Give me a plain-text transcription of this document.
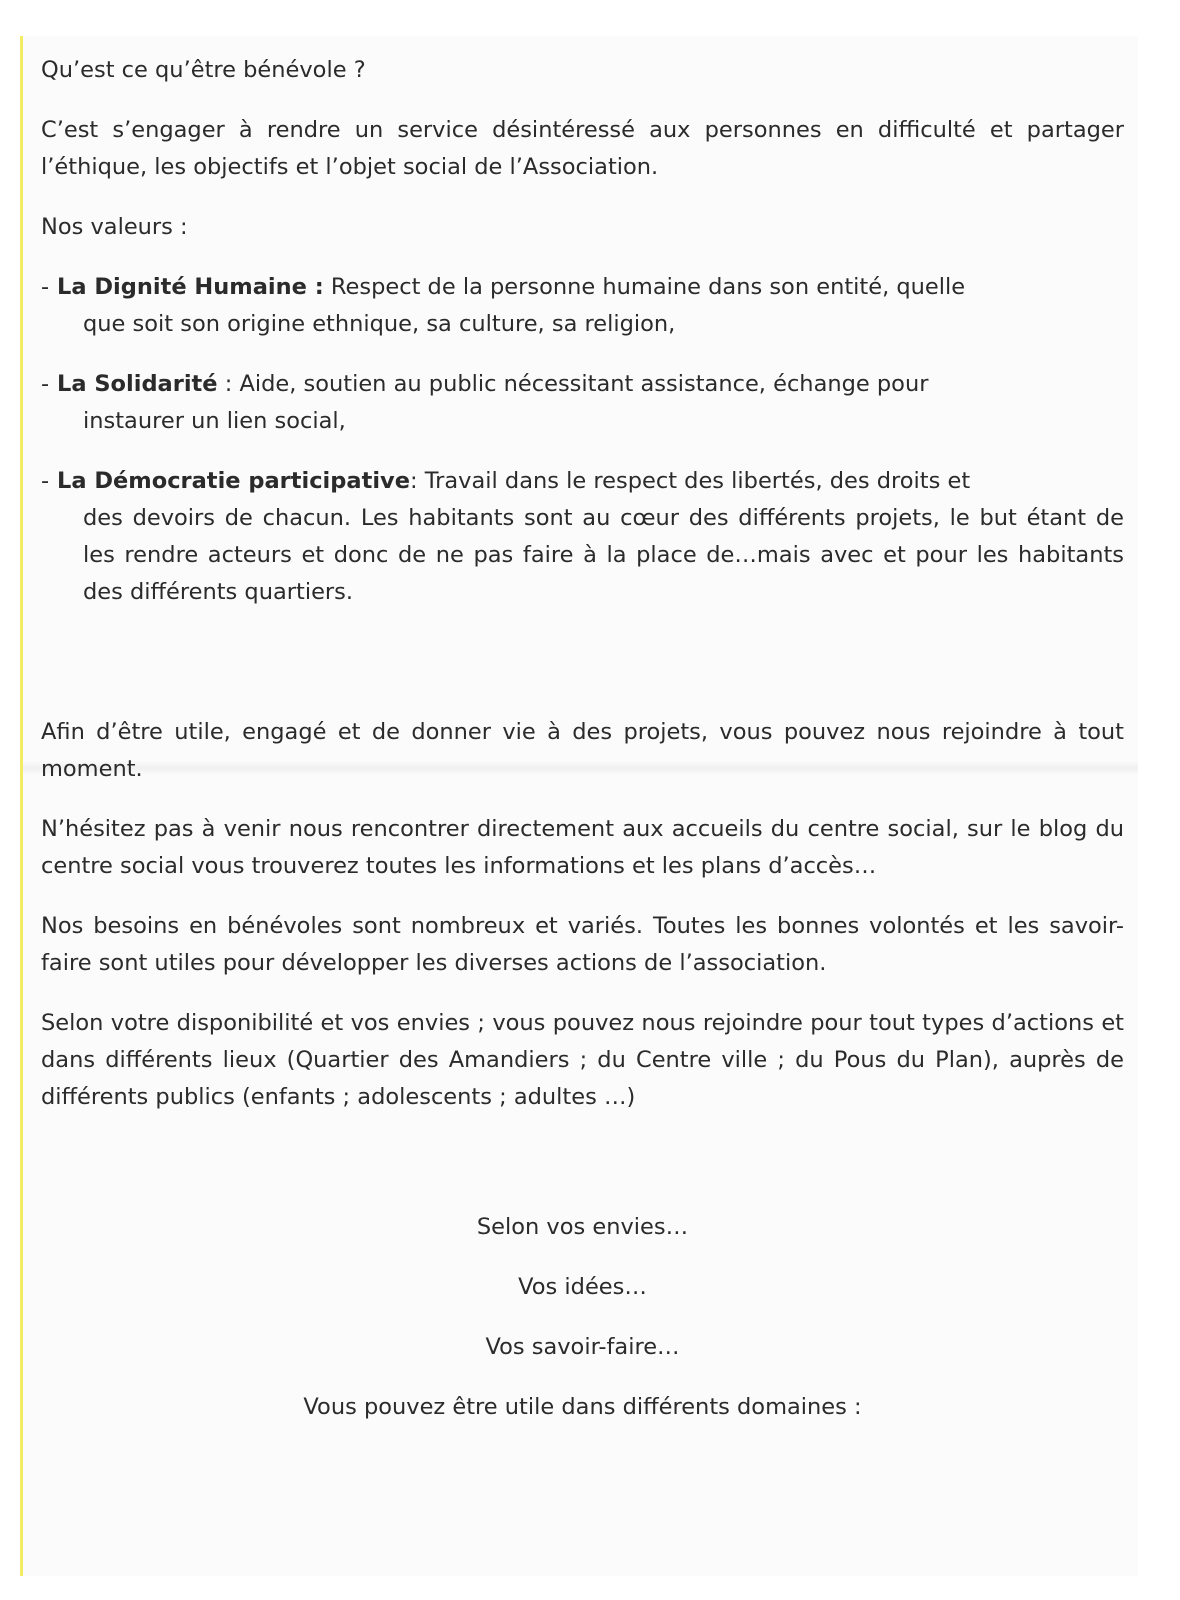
Qu’est ce qu’être bénévole ?

C’est s’engager à rendre un service désintéressé aux personnes en difficulté et partager l’éthique, les objectifs et l’objet social de l’Association.

Nos valeurs :

- La Dignité Humaine : Respect de la personne humaine dans son entité, quelle
que soit son origine ethnique, sa culture, sa religion,
- La Solidarité : Aide, soutien au public nécessitant assistance, échange pour
instaurer un lien social,
- La Démocratie participative: Travail dans le respect des libertés, des droits et
des devoirs de chacun. Les habitants sont au cœur des différents projets, le but étant de les rendre acteurs et donc de ne pas faire à la place de…mais avec et pour les habitants des différents quartiers.

Afin d’être utile, engagé et de donner vie à des projets, vous pouvez nous rejoindre à tout moment.

N’hésitez pas à venir nous rencontrer directement aux accueils du centre social, sur le blog du centre social vous trouverez toutes les informations et les plans d’accès…

Nos besoins en bénévoles sont nombreux et variés. Toutes les bonnes volontés et les savoir-faire sont utiles pour développer les diverses actions de l’association.

Selon votre disponibilité et vos envies ; vous pouvez nous rejoindre pour tout types d’actions et dans différents lieux (Quartier des Amandiers ; du Centre ville ; du Pous du Plan), auprès de différents publics (enfants ; adolescents ; adultes …)

Selon vos envies…

Vos idées…

Vos savoir-faire…

Vous pouvez être utile dans différents domaines :
